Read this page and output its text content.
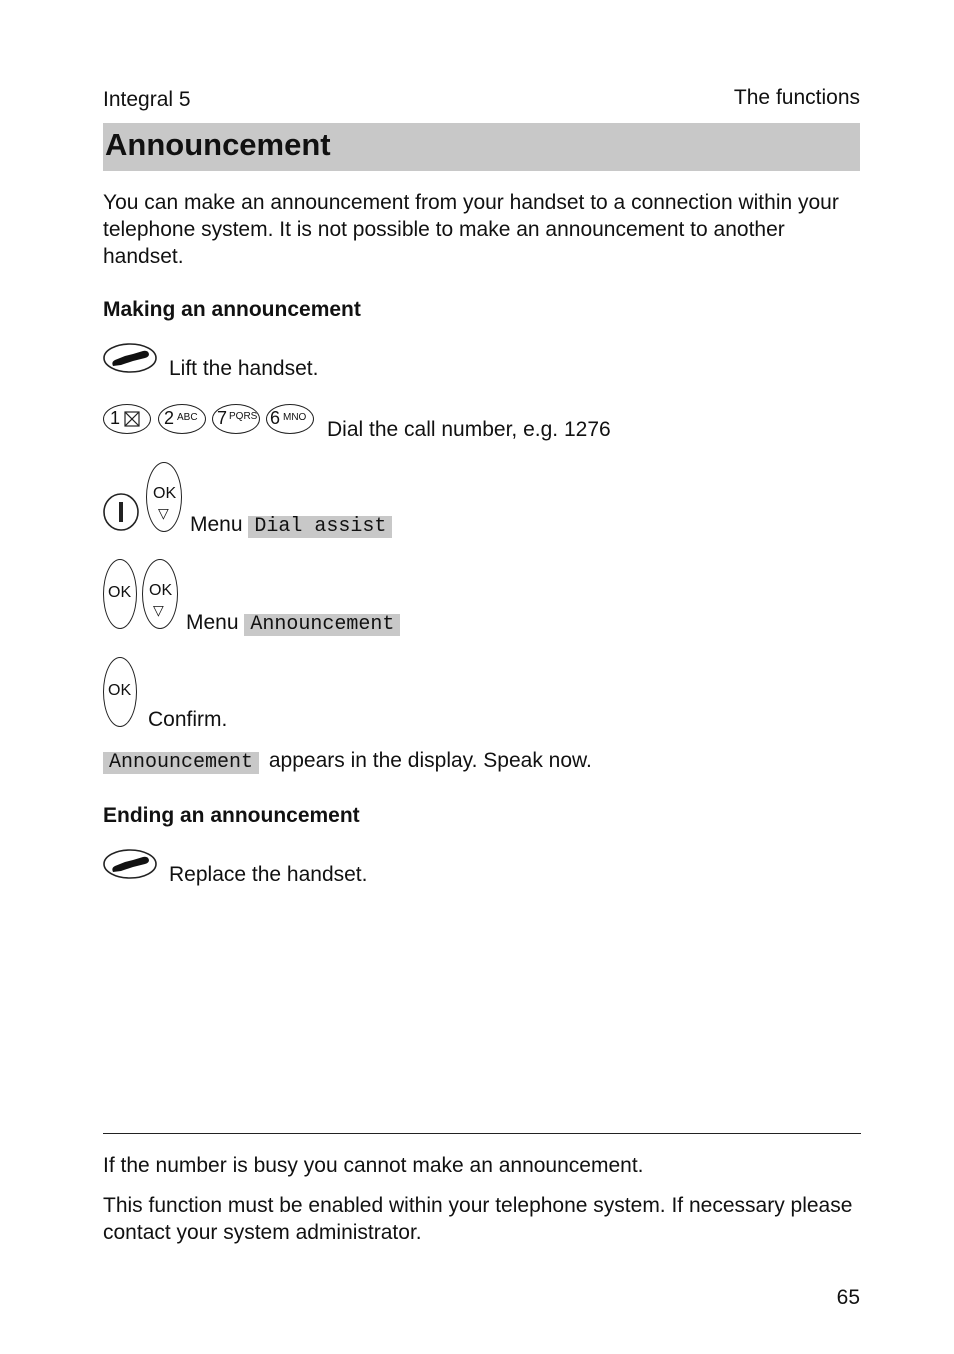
Integral 5	The functions
Announcement
You can make an announcement from your handset to a connection within your telephone system. It is not possible to make an announcement to another handset.
Making an announcement
Lift the handset.
1 2 ABC 7 PQRS 6 MNO
Dial the call number, e.g. 1276
OK
▽ Menu Dial assist
OK OK
▽
Menu Announcement
OK
Confirm.
Announcement appears in the display. Speak now.
Ending an announcement
Replace the handset.
If the number is busy you cannot make an announcement.
This function must be enabled within your telephone system. If necessary please contact your system administrator.
65
